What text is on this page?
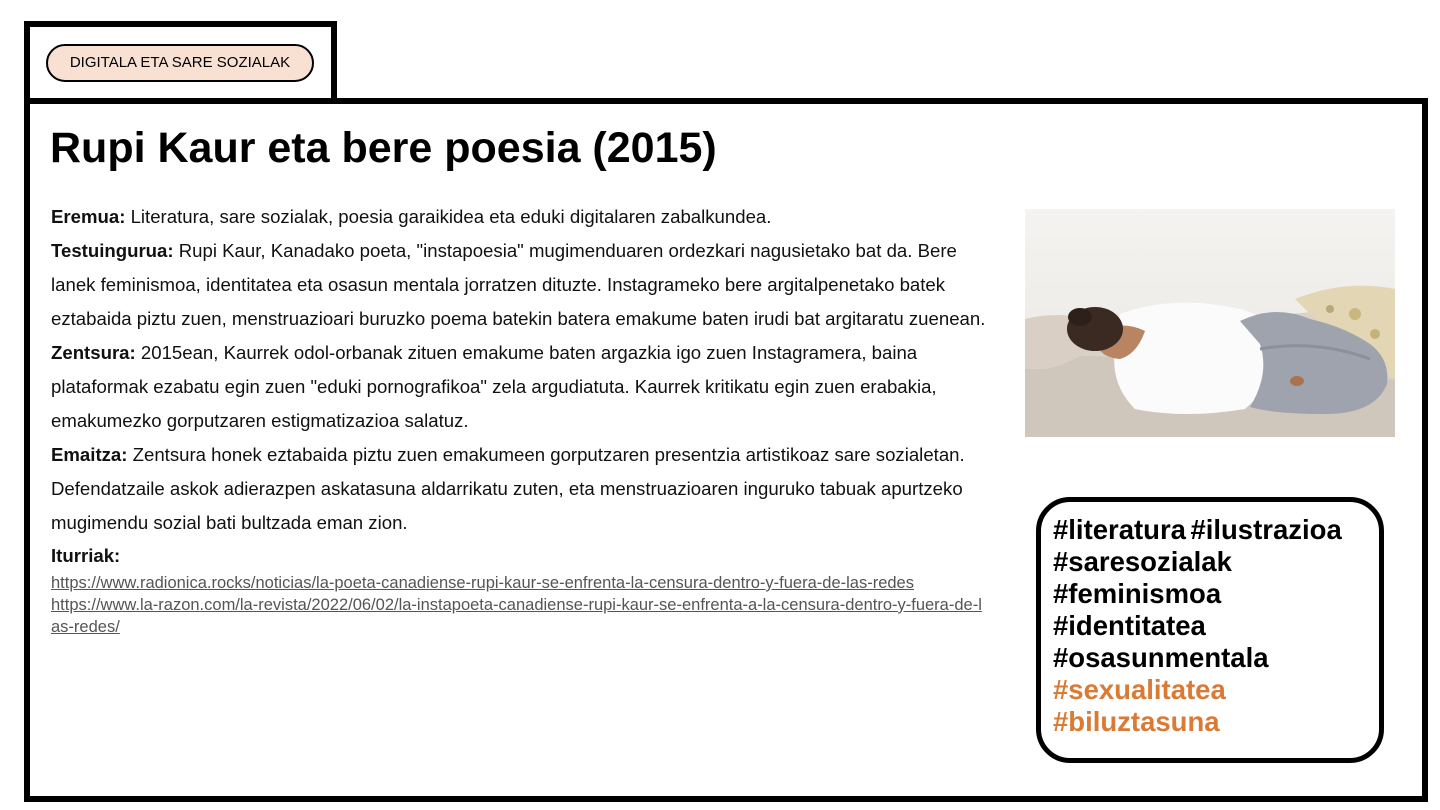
DIGITALA ETA SARE SOZIALAK
Rupi Kaur eta bere poesia (2015)

Eremua: Literatura, sare sozialak, poesia garaikidea eta eduki digitalaren zabalkundea.

Testuingurua: Rupi Kaur, Kanadako poeta, "instapoesia" mugimenduaren ordezkari nagusietako bat da. Bere lanek feminismoa, identitatea eta osasun mentala jorratzen dituzte. Instagrameko bere argitalpenetako batek eztabaida piztu zuen, menstruazioari buruzko poema batekin batera emakume baten irudi bat argitaratu zuenean.

Zentsura: 2015ean, Kaurrek odol-orbanak zituen emakume baten argazkia igo zuen Instagramera, baina plataformak ezabatu egin zuen "eduki pornografikoa" zela argudiatuta. Kaurrek kritikatu egin zuen erabakia, emakumezko gorputzaren estigmatizazioa salatuz.

Emaitza: Zentsura honek eztabaida piztu zuen emakumeen gorputzaren presentzia artistikoaz sare sozialetan. Defendatzaile askok adierazpen askatasuna aldarrikatu zuten, eta menstruazioaren inguruko tabuak apurtzeko mugimendu sozial bati bultzada eman zion.

Iturriak:
https://www.radionica.rocks/noticias/la-poeta-canadiense-rupi-kaur-se-enfrenta-la-censura-dentro-y-fuera-de-las-redes
https://www.la-razon.com/la-revista/2022/06/02/la-instapoeta-canadiense-rupi-kaur-se-enfrenta-a-la-censura-dentro-y-fuera-de-las-redes/
#literatura #ilustrazioa
#saresozialak
#feminismoa
#identitatea
#osasunmentala
#sexualitatea
#biluztasuna
